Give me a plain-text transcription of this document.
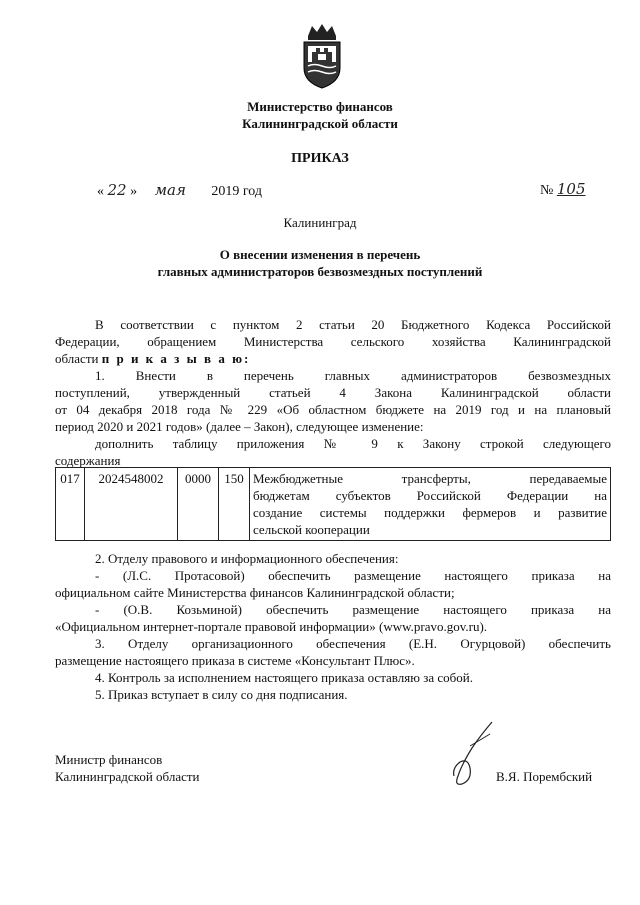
Министерство финансов
Калининградской области
ПРИКАЗ
« 22 » мая 2019 год	№ 105
Калининград
О внесении изменения в перечень
главных администраторов безвозмездных поступлений
В соответствии с пунктом 2 статьи 20 Бюджетного Кодекса Российской
Федерации, обращением Министерства сельского хозяйства Калининградской
области п р и к а з ы в а ю:
1. Внести в перечень главных администраторов безвозмездных
поступлений, утвержденный статьей 4 Закона Калининградской области
от 04 декабря 2018 года № 229 «Об областном бюджете на 2019 год и на плановый
период 2020 и 2021 годов» (далее – Закон), следующее изменение:
дополнить таблицу приложения № 9 к Закону строкой следующего
содержания
017	2024548002	0000	150	Межбюджетные трансферты, передаваемые
бюджетам субъектов Российской Федерации на
создание системы поддержки фермеров и развитие
сельской кооперации
2. Отделу правового и информационного обеспечения:
- (Л.С. Протасовой) обеспечить размещение настоящего приказа на
официальном сайте Министерства финансов Калининградской области;
- (О.В. Козьминой) обеспечить размещение настоящего приказа на
«Официальном интернет-портале правовой информации» (www.pravo.gov.ru).
3. Отделу организационного обеспечения (Е.Н. Огурцовой) обеспечить
размещение настоящего приказа в системе «Консультант Плюс».
4. Контроль за исполнением настоящего приказа оставляю за собой.
5. Приказ вступает в силу со дня подписания.
Министр финансов
Калининградской области	В.Я. Порембский
